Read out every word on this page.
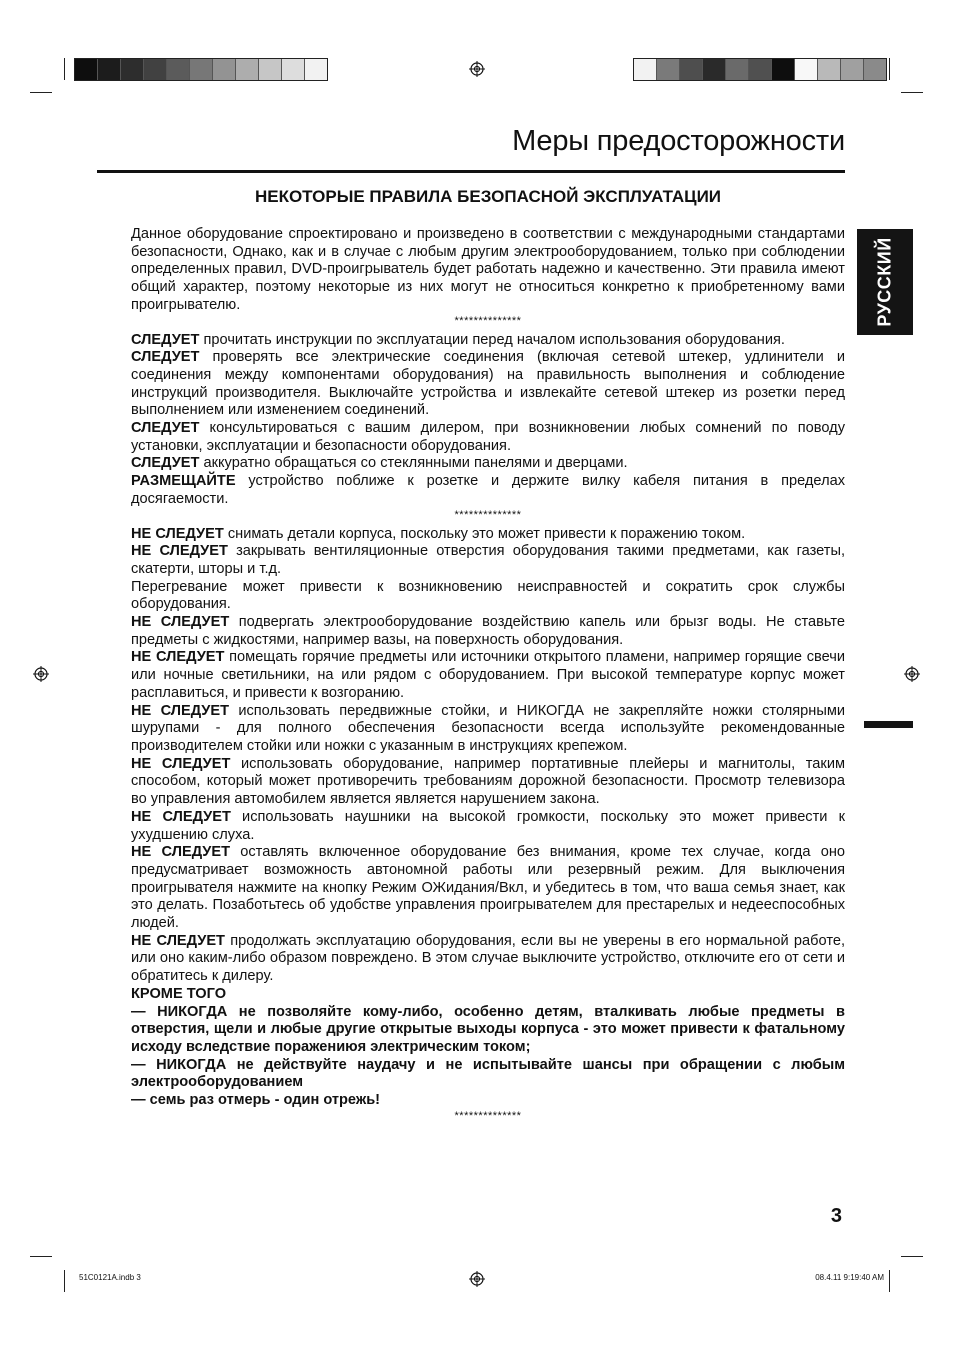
Меры предосторожности
НЕКОТОРЫЕ ПРАВИЛА БЕЗОПАСНОЙ ЭКСПЛУАТАЦИИ
РУССКИЙ

Данное оборудование спроектировано и произведено в соответствии с международными стандартами безопасности, Однако, как и в случае с любым другим электрооборудованием, только при соблюдении определенных правил, DVD-проигрыватель будет работать надежно и качественно. Эти правила имеют общий характер, поэтому некоторые из них могут не относиться конкретно к приобретенному вами проигрывателю.

**************

СЛЕДУЕТ прочитать инструкции по эксплуатации перед началом использования оборудования.

СЛЕДУЕТ проверять все электрические соединения (включая сетевой штекер, удлинители и соединения между компонентами оборудования) на правильность выполнения и соблюдение инструкций производителя. Выключайте устройства и извлекайте сетевой штекер из розетки перед выполнением или изменением соединений.

СЛЕДУЕТ консультироваться с вашим дилером, при возникновении любых сомнений по поводу установки, эксплуатации и безопасности оборудования.

СЛЕДУЕТ аккуратно обращаться со стеклянными панелями и дверцами.

РАЗМЕЩАЙТЕ устройство поближе к розетке и держите вилку кабеля питания в пределах досягаемости.

**************

НЕ СЛЕДУЕТ снимать детали корпуса, поскольку это может привести к поражению током.

НЕ СЛЕДУЕТ закрывать вентиляционные отверстия оборудования такими предметами, как газеты, скатерти, шторы и т.д.

Перегревание может привести к возникновению неисправностей и сократить срок службы оборудования.

НЕ СЛЕДУЕТ подвергать электрооборудование воздействию капель или брызг воды. Не ставьте предметы с жидкостями, например вазы, на поверхность оборудования.

НЕ СЛЕДУЕТ помещать горячие предметы или источники открытого пламени, например горящие свечи или ночные светильники, на или рядом с оборудованием. При высокой температуре корпус может расплавиться, и привести к возгоранию.

НЕ СЛЕДУЕТ использовать передвижные стойки, и НИКОГДА не закрепляйте ножки столярными шурупами - для полного обеспечения безопасности всегда используйте рекомендованные производителем стойки или ножки с указанным в инструкциях крепежом.

НЕ СЛЕДУЕТ использовать оборудование, например портативные плейеры и магнитолы, таким способом, который может противоречить требованиям дорожной безопасности. Просмотр телевизора во управления автомобилем является является нарушением закона.

НЕ СЛЕДУЕТ использовать наушники на высокой громкости, поскольку это может привести к ухудшению слуха.

НЕ СЛЕДУЕТ оставлять включенное оборудование без внимания, кроме тех случае, когда оно предусматривает возможность автономной работы или резервный режим. Для выключения проигрывателя нажмите на кнопку Режим ОЖидания/Вкл, и убедитесь в том, что ваша семья знает, как это делать. Позаботьтесь об удобстве управления проигрывателем для престарелых и недееспособных людей.

НЕ СЛЕДУЕТ продолжать эксплуатацию оборудования, если вы не уверены в его нормальной работе, или оно каким-либо образом повреждено. В этом случае выключите устройство, отключите его от сети и обратитесь к дилеру.

КРОМЕ ТОГО

— НИКОГДА не позволяйте кому-либо, особенно детям, вталкивать любые предметы в отверстия, щели и любые другие открытые выходы корпуса - это может привести к фатальному исходу вследствие поражениюя электрическим током;

— НИКОГДА не действуйте наудачу и не испытывайте шансы при обращении с любым электрооборудованием

— семь раз отмерь - один отрежь!

**************

3
51C0121A.indb 3	08.4.11 9:19:40 AM
